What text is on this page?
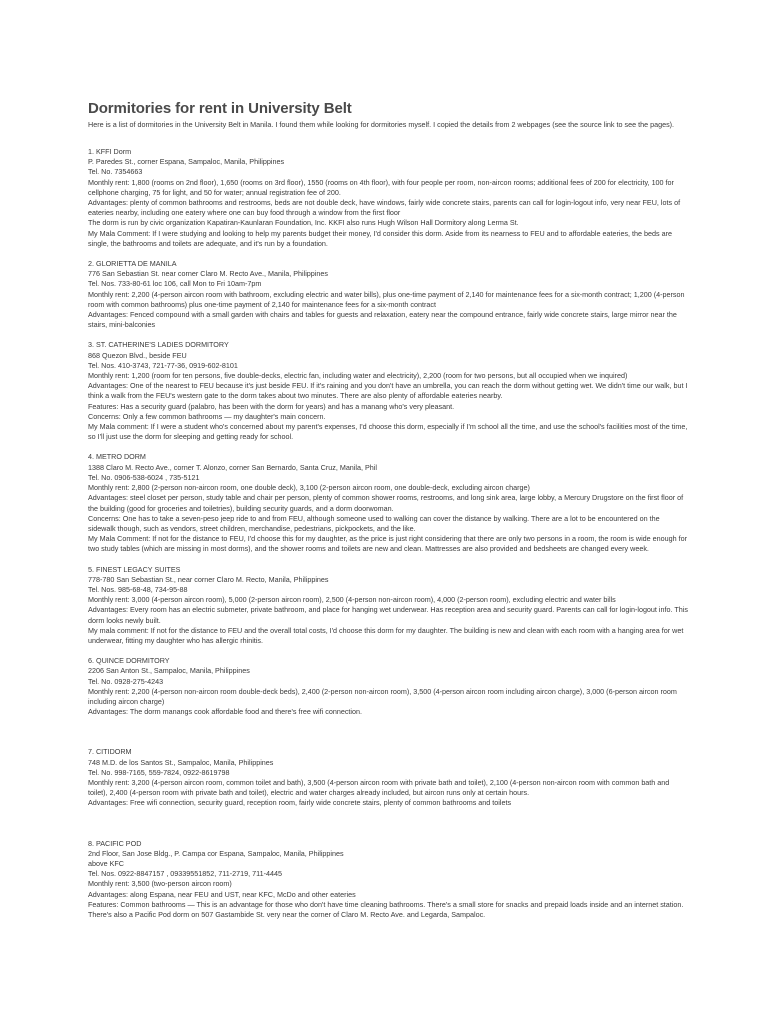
Dormitories for rent in University Belt

Here is a list of dormitories in the University Belt in Manila. I found them while looking for dormitories myself. I copied the details from 2 webpages (see the source link to see the pages).

1. KFFI Dorm

P. Paredes St., corner Espana, Sampaloc, Manila, Philippines

Tel. No. 7354663

Monthly rent: 1,800 (rooms on 2nd floor), 1,650 (rooms on 3rd floor), 1550 (rooms on 4th floor), with four people per room, non-aircon rooms; additional fees of 200 for electricity, 100 for cellphone charging, 75 for light, and 50 for water; annual registration fee of 200.

Advantages: plenty of common bathrooms and restrooms, beds are not double deck, have windows, fairly wide concrete stairs, parents can call for login-logout info, very near FEU, lots of eateries nearby, including one eatery where one can buy food through a window from the first floor

The dorm is run by civic organization Kapatiran-Kaunlaran Foundation, Inc. KKFI also runs Hugh Wilson Hall Dormitory along Lerma St.

My Mala Comment: If I were studying and looking to help my parents budget their money, I'd consider this dorm. Aside from its nearness to FEU and to affordable eateries, the beds are single, the bathrooms and toilets are adequate, and it's run by a foundation.

2. GLORIETTA DE MANILA

776 San Sebastian St. near corner Claro M. Recto Ave., Manila, Philippines

Tel. Nos. 733-80-61 loc 106, call Mon to Fri 10am-7pm

Monthly rent: 2,200 (4-person aircon room with bathroom, excluding electric and water bills), plus one-time payment of 2,140 for maintenance fees for a six-month contract; 1,200 (4-person room with common bathrooms) plus one-time payment of 2,140 for maintenance fees for a six-month contract

Advantages: Fenced compound with a small garden with chairs and tables for guests and relaxation, eatery near the compound entrance, fairly wide concrete stairs, large mirror near the stairs, mini-balconies

3. ST. CATHERINE'S LADIES DORMITORY

868 Quezon Blvd., beside FEU

Tel. Nos. 410-3743, 721-77-36, 0919-602-8101

Monthly rent: 1,200 (room for ten persons, five double-decks, electric fan, including water and electricity), 2,200 (room for two persons, but all occupied when we inquired)

Advantages: One of the nearest to FEU because it's just beside FEU. If it's raining and you don't have an umbrella, you can reach the dorm without getting wet. We didn't time our walk, but I think a walk from the FEU's western gate to the dorm takes about two minutes. There are also plenty of affordable eateries nearby.

Features: Has a security guard (palabro, has been with the dorm for years) and has a manang who's very pleasant.

Concerns: Only a few common bathrooms — my daughter's main concern.

My Mala comment: If I were a student who's concerned about my parent's expenses, I'd choose this dorm, especially if I'm school all the time, and use the school's facilities most of the time, so I'll just use the dorm for sleeping and getting ready for school.

4. METRO DORM

1388 Claro M. Recto Ave., corner T. Alonzo, corner San Bernardo, Santa Cruz, Manila, Phil

Tel. No. 0906-538-6024 , 735-5121

Monthly rent: 2,800 (2-person non-aircon room, one double deck), 3,100 (2-person aircon room, one double-deck, excluding aircon charge)

Advantages: steel closet per person, study table and chair per person, plenty of common shower rooms, restrooms, and long sink area, large lobby, a Mercury Drugstore on the first floor of the building (good for groceries and toiletries), building security guards, and a dorm doorwoman.

Concerns: One has to take a seven-peso jeep ride to and from FEU, although someone used to walking can cover the distance by walking. There are a lot to be encountered on the sidewalk though, such as vendors, street children, merchandise, pedestrians, pickpockets, and the like.

My Mala Comment: If not for the distance to FEU, I'd choose this for my daughter, as the price is just right considering that there are only two persons in a room, the room is wide enough for two study tables (which are missing in most dorms), and the shower rooms and toilets are new and clean. Mattresses are also provided and bedsheets are changed every week.

5. FINEST LEGACY SUITES

778-780 San Sebastian St., near corner Claro M. Recto, Manila, Philippines

Tel. Nos. 985-68-48, 734-95-88

Monthly rent: 3,000 (4-person aircon room), 5,000 (2-person aircon room), 2,500 (4-person non-aircon room), 4,000 (2-person room), excluding electric and water bills

Advantages: Every room has an electric submeter, private bathroom, and place for hanging wet underwear. Has reception area and security guard. Parents can call for login-logout info. This dorm looks newly built.

My mala comment: If not for the distance to FEU and the overall total costs, I'd choose this dorm for my daughter. The building is new and clean with each room with a hanging area for wet underwear, fitting my daughter who has allergic rhinitis.

6. QUINCE DORMITORY

2206 San Anton St., Sampaloc, Manila, Philippines

Tel. No. 0928-275-4243

Monthly rent: 2,200 (4-person non-aircon room double-deck beds), 2,400 (2-person non-aircon room), 3,500 (4-person aircon room including aircon charge), 3,000 (6-person aircon room including aircon charge)

Advantages: The dorm manangs cook affordable food and there's free wifi connection.

7. CITIDORM

748 M.D. de los Santos St., Sampaloc, Manila, Philippines

Tel. No. 998-7165, 559-7824, 0922-8619798

Monthly rent: 3,200 (4-person aircon room, common toilet and bath), 3,500 (4-person aircon room with private bath and toilet), 2,100 (4-person non-aircon room with common bath and toilet), 2,400 (4-person room with private bath and toilet), electric and water charges already included, but aircon runs only at certain hours.

Advantages: Free wifi connection, security guard, reception room, fairly wide concrete stairs, plenty of common bathrooms and toilets

8. PACIFIC POD

2nd Floor, San Jose Bldg., P. Campa cor Espana, Sampaloc, Manila, Philippines

above KFC

Tel. Nos. 0922-8847157 , 09339551852, 711-2719, 711-4445

Monthly rent: 3,500 (two-person aircon room)

Advantages: along Espana, near FEU and UST, near KFC, McDo and other eateries

Features: Common bathrooms — This is an advantage for those who don't have time cleaning bathrooms. There's a small store for snacks and prepaid loads inside and an internet station.

There's also a Pacific Pod dorm on 507 Gastambide St. very near the corner of Claro M. Recto Ave. and Legarda, Sampaloc.
